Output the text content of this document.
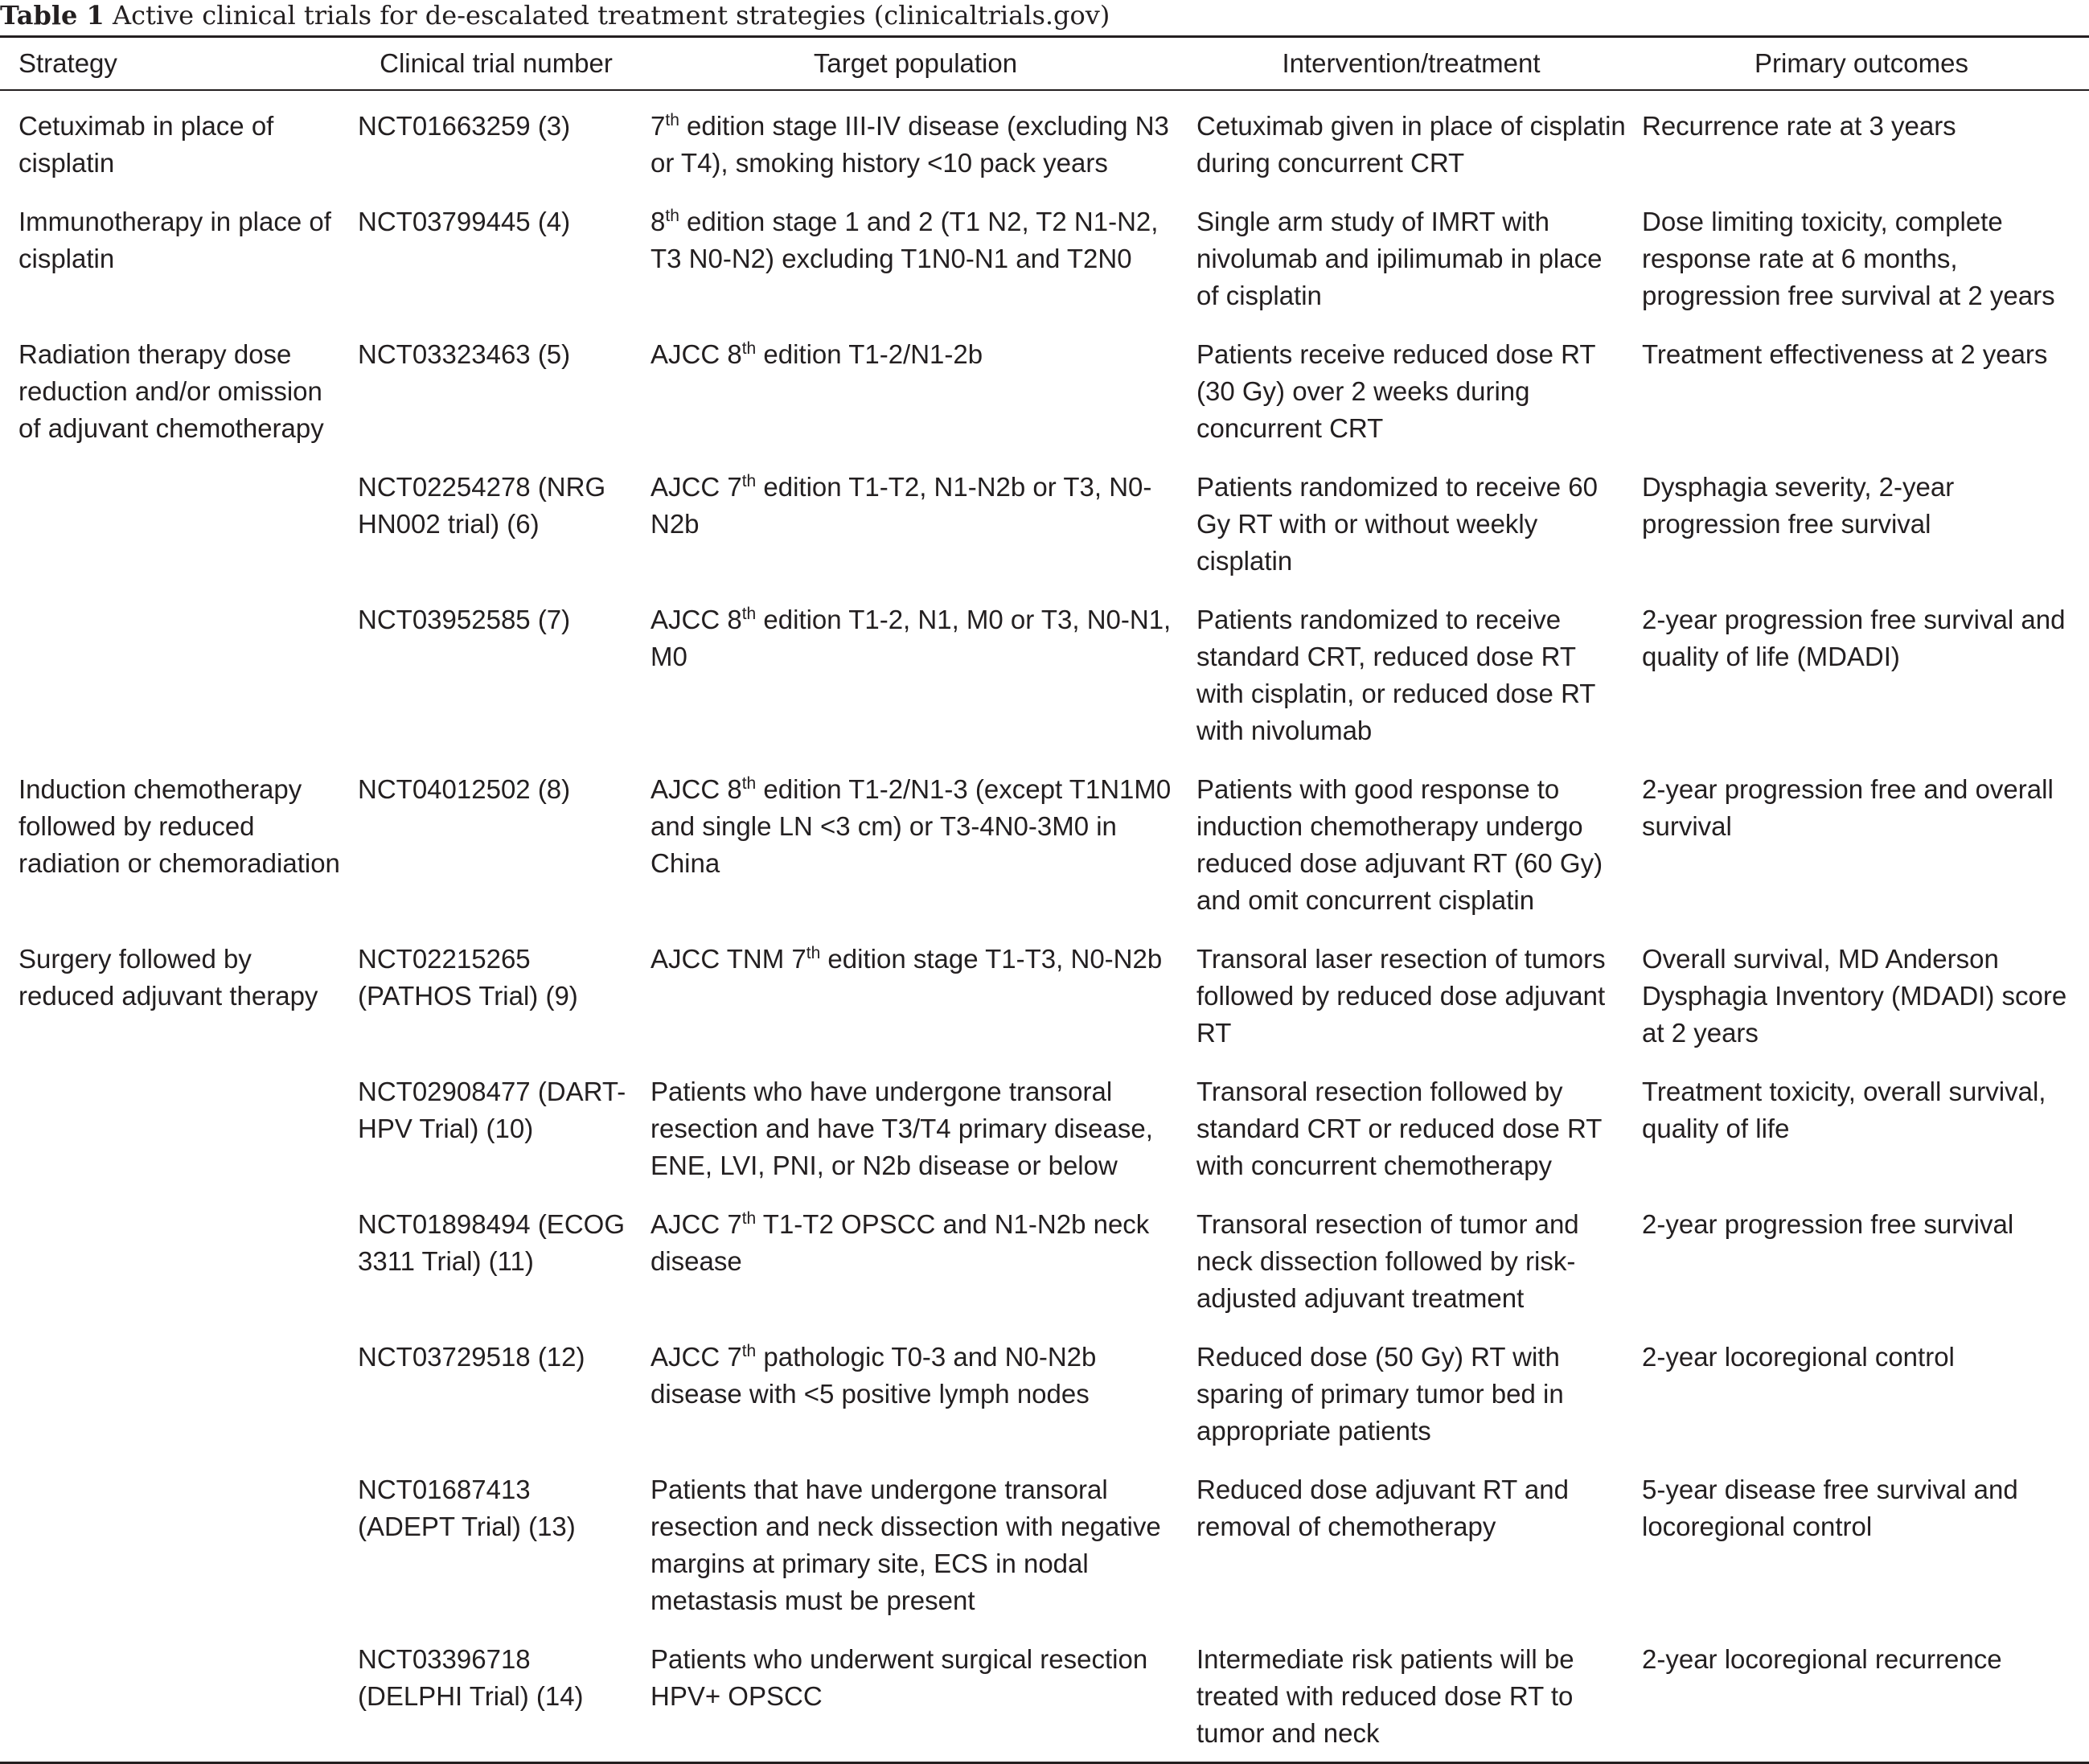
Table 1 Active clinical trials for de-escalated treatment strategies (clinicaltrials.gov)
Strategy	Clinical trial number	Target population	Intervention/treatment	Primary outcomes
Cetuximab in place of cisplatin	NCT01663259 (3)	7th edition stage III-IV disease (excluding N3 or T4), smoking history <10 pack years	Cetuximab given in place of cisplatin during concurrent CRT	Recurrence rate at 3 years
Immunotherapy in place of cisplatin	NCT03799445 (4)	8th edition stage 1 and 2 (T1 N2, T2 N1-N2, T3 N0-N2) excluding T1N0-N1 and T2N0	Single arm study of IMRT with nivolumab and ipilimumab in place of cisplatin	Dose limiting toxicity, complete response rate at 6 months, progression free survival at 2 years
Radiation therapy dose reduction and/or omission of adjuvant chemotherapy	NCT03323463 (5)	AJCC 8th edition T1-2/N1-2b	Patients receive reduced dose RT (30 Gy) over 2 weeks during concurrent CRT	Treatment effectiveness at 2 years
	NCT02254278 (NRG HN002 trial) (6)	AJCC 7th edition T1-T2, N1-N2b or T3, N0-N2b	Patients randomized to receive 60 Gy RT with or without weekly cisplatin	Dysphagia severity, 2-year progression free survival
	NCT03952585 (7)	AJCC 8th edition T1-2, N1, M0 or T3, N0-N1, M0	Patients randomized to receive standard CRT, reduced dose RT with cisplatin, or reduced dose RT with nivolumab	2-year progression free survival and quality of life (MDADI)
Induction chemotherapy followed by reduced radiation or chemoradiation	NCT04012502 (8)	AJCC 8th edition T1-2/N1-3 (except T1N1M0 and single LN <3 cm) or T3-4N0-3M0 in China	Patients with good response to induction chemotherapy undergo reduced dose adjuvant RT (60 Gy) and omit concurrent cisplatin	2-year progression free and overall survival
Surgery followed by reduced adjuvant therapy	NCT02215265 (PATHOS Trial) (9)	AJCC TNM 7th edition stage T1-T3, N0-N2b	Transoral laser resection of tumors followed by reduced dose adjuvant RT	Overall survival, MD Anderson Dysphagia Inventory (MDADI) score at 2 years
	NCT02908477 (DART-HPV Trial) (10)	Patients who have undergone transoral resection and have T3/T4 primary disease, ENE, LVI, PNI, or N2b disease or below	Transoral resection followed by standard CRT or reduced dose RT with concurrent chemotherapy	Treatment toxicity, overall survival, quality of life
	NCT01898494 (ECOG 3311 Trial) (11)	AJCC 7th T1-T2 OPSCC and N1-N2b neck disease	Transoral resection of tumor and neck dissection followed by risk-adjusted adjuvant treatment	2-year progression free survival
	NCT03729518 (12)	AJCC 7th pathologic T0-3 and N0-N2b disease with <5 positive lymph nodes	Reduced dose (50 Gy) RT with sparing of primary tumor bed in appropriate patients	2-year locoregional control
	NCT01687413 (ADEPT Trial) (13)	Patients that have undergone transoral resection and neck dissection with negative margins at primary site, ECS in nodal metastasis must be present	Reduced dose adjuvant RT and removal of chemotherapy	5-year disease free survival and locoregional control
	NCT03396718 (DELPHI Trial) (14)	Patients who underwent surgical resection HPV+ OPSCC	Intermediate risk patients will be treated with reduced dose RT to tumor and neck	2-year locoregional recurrence
